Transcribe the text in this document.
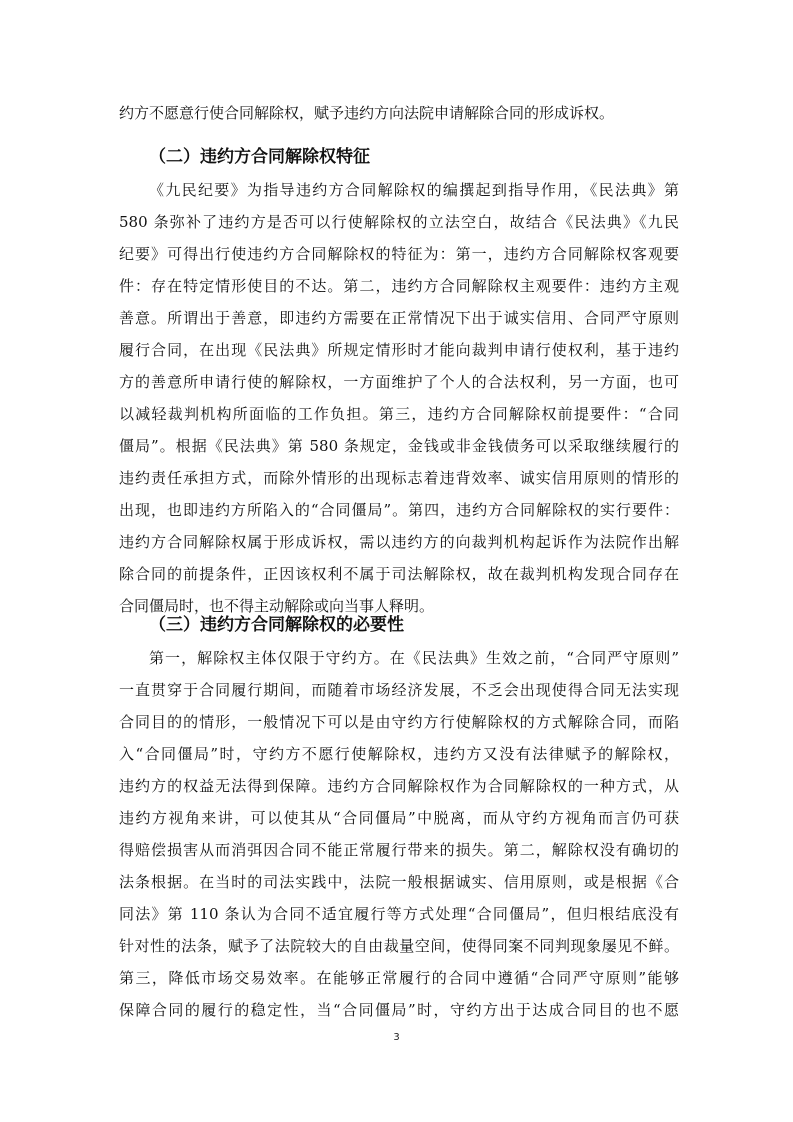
约方不愿意行使合同解除权，赋予违约方向法院申请解除合同的形成诉权。
（二）违约方合同解除权特征
《九民纪要》为指导违约方合同解除权的编撰起到指导作用，《民法典》第
580 条弥补了违约方是否可以行使解除权的立法空白，故结合《民法典》《九民
纪要》可得出行使违约方合同解除权的特征为：第一，违约方合同解除权客观要
件：存在特定情形使目的不达。第二，违约方合同解除权主观要件：违约方主观
善意。所谓出于善意，即违约方需要在正常情况下出于诚实信用、合同严守原则
履行合同，在出现《民法典》所规定情形时才能向裁判申请行使权利，基于违约
方的善意所申请行使的解除权，一方面维护了个人的合法权利，另一方面，也可
以减轻裁判机构所面临的工作负担。第三，违约方合同解除权前提要件：“合同
僵局”。根据《民法典》第 580 条规定，金钱或非金钱债务可以采取继续履行的
违约责任承担方式，而除外情形的出现标志着违背效率、诚实信用原则的情形的
出现，也即违约方所陷入的“合同僵局”。第四，违约方合同解除权的实行要件：
违约方合同解除权属于形成诉权，需以违约方的向裁判机构起诉作为法院作出解
除合同的前提条件，正因该权利不属于司法解除权，故在裁判机构发现合同存在
合同僵局时，也不得主动解除或向当事人释明。
（三）违约方合同解除权的必要性
第一，解除权主体仅限于守约方。在《民法典》生效之前，“合同严守原则”
一直贯穿于合同履行期间，而随着市场经济发展，不乏会出现使得合同无法实现
合同目的的情形，一般情况下可以是由守约方行使解除权的方式解除合同，而陷
入“合同僵局”时，守约方不愿行使解除权，违约方又没有法律赋予的解除权，
违约方的权益无法得到保障。违约方合同解除权作为合同解除权的一种方式，从
违约方视角来讲，可以使其从“合同僵局”中脱离，而从守约方视角而言仍可获
得赔偿损害从而消弭因合同不能正常履行带来的损失。第二，解除权没有确切的
法条根据。在当时的司法实践中，法院一般根据诚实、信用原则，或是根据《合
同法》第 110 条认为合同不适宜履行等方式处理“合同僵局”，但归根结底没有
针对性的法条，赋予了法院较大的自由裁量空间，使得同案不同判现象屡见不鲜。
第三，降低市场交易效率。在能够正常履行的合同中遵循“合同严守原则”能够
保障合同的履行的稳定性，当“合同僵局”时，守约方出于达成合同目的也不愿
3
